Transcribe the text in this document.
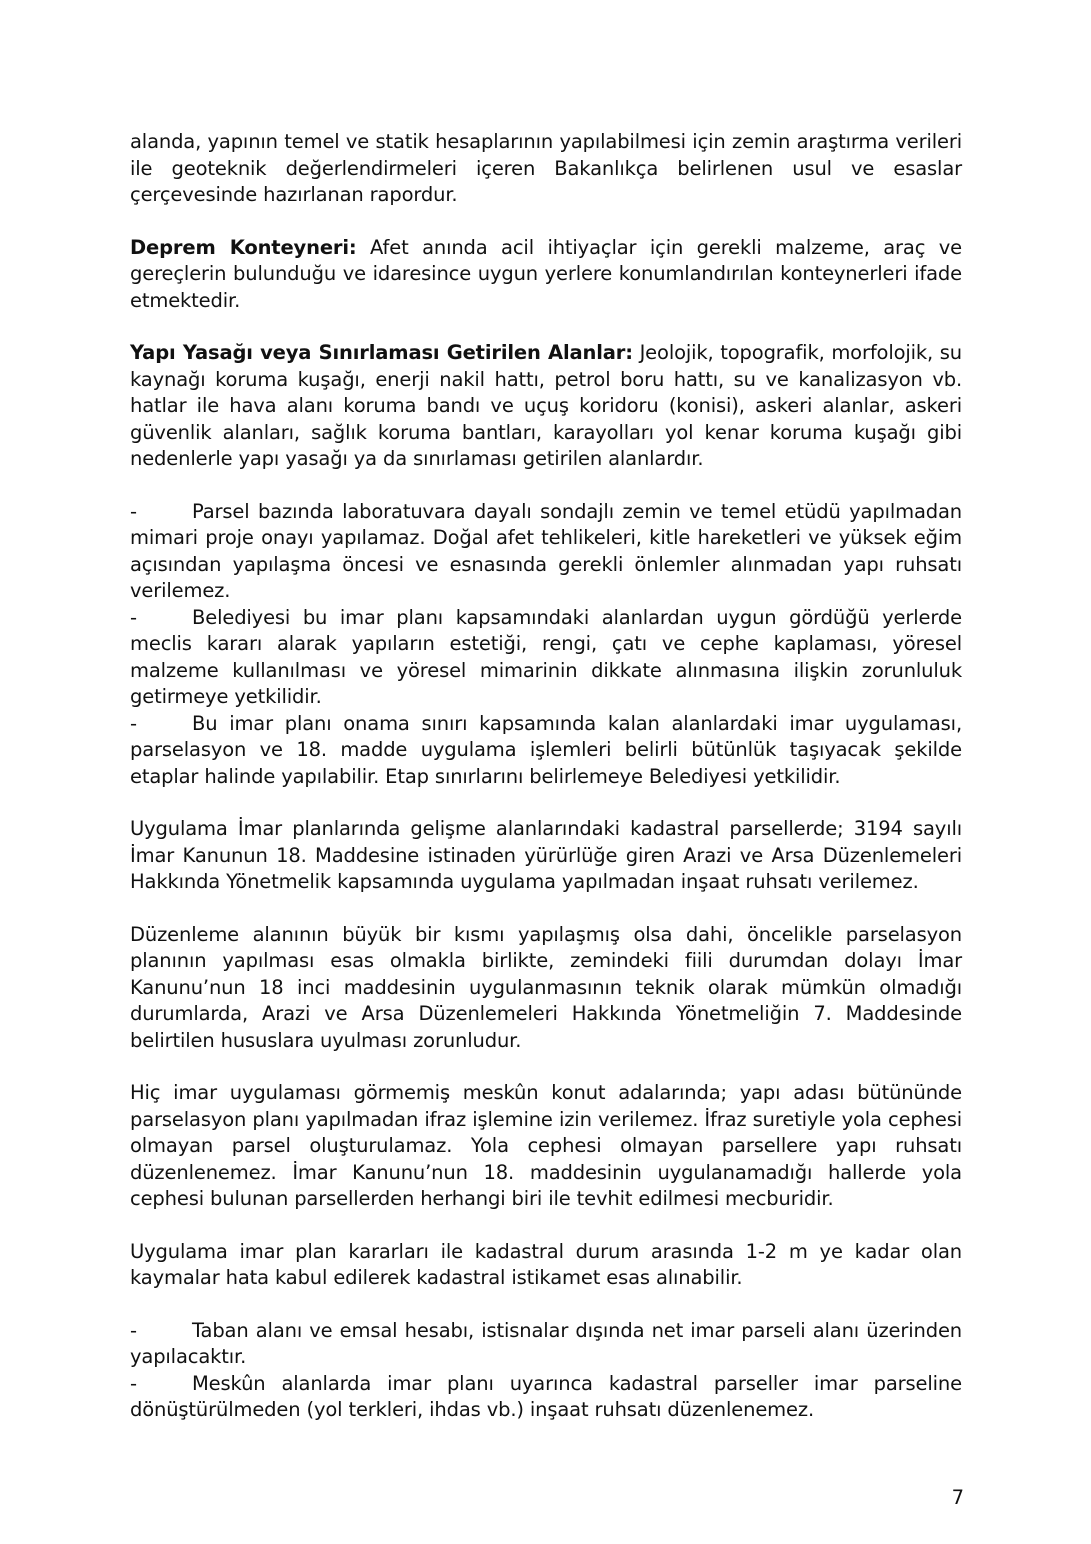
alanda, yapının temel ve statik hesaplarının yapılabilmesi için zemin araştırma verileri ile geoteknik değerlendirmeleri içeren Bakanlıkça belirlenen usul ve esaslar çerçevesinde hazırlanan rapordur.

Deprem Konteyneri: Afet anında acil ihtiyaçlar için gerekli malzeme, araç ve gereçlerin bulunduğu ve idaresince uygun yerlere konumlandırılan konteynerleri ifade etmektedir.

Yapı Yasağı veya Sınırlaması Getirilen Alanlar: Jeolojik, topografik, morfolojik, su kaynağı koruma kuşağı, enerji nakil hattı, petrol boru hattı, su ve kanalizasyon vb. hatlar ile hava alanı koruma bandı ve uçuş koridoru (konisi), askeri alanlar, askeri güvenlik alanları, sağlık koruma bantları, karayolları yol kenar koruma kuşağı gibi nedenlerle yapı yasağı ya da sınırlaması getirilen alanlardır.

-	Parsel bazında laboratuvara dayalı sondajlı zemin ve temel etüdü yapılmadan mimari proje onayı yapılamaz. Doğal afet tehlikeleri, kitle hareketleri ve yüksek eğim açısından yapılaşma öncesi ve esnasında gerekli önlemler alınmadan yapı ruhsatı verilemez.

-	Belediyesi bu imar planı kapsamındaki alanlardan uygun gördüğü yerlerde meclis kararı alarak yapıların estetiği, rengi, çatı ve cephe kaplaması, yöresel malzeme kullanılması ve yöresel mimarinin dikkate alınmasına ilişkin zorunluluk getirmeye yetkilidir.

-	Bu imar planı onama sınırı kapsamında kalan alanlardaki imar uygulaması, parselasyon ve 18. madde uygulama işlemleri belirli bütünlük taşıyacak şekilde etaplar halinde yapılabilir. Etap sınırlarını belirlemeye Belediyesi yetkilidir.

Uygulama İmar planlarında gelişme alanlarındaki kadastral parsellerde; 3194 sayılı İmar Kanunun 18. Maddesine istinaden yürürlüğe giren Arazi ve Arsa Düzenlemeleri Hakkında Yönetmelik kapsamında uygulama yapılmadan inşaat ruhsatı verilemez.

Düzenleme alanının büyük bir kısmı yapılaşmış olsa dahi, öncelikle parselasyon planının yapılması esas olmakla birlikte, zemindeki fiili durumdan dolayı İmar Kanunu’nun 18 inci maddesinin uygulanmasının teknik olarak mümkün olmadığı durumlarda, Arazi ve Arsa Düzenlemeleri Hakkında Yönetmeliğin 7. Maddesinde belirtilen hususlara uyulması zorunludur.

Hiç imar uygulaması görmemiş meskûn konut adalarında; yapı adası bütününde parselasyon planı yapılmadan ifraz işlemine izin verilemez. İfraz suretiyle yola cephesi olmayan parsel oluşturulamaz. Yola cephesi olmayan parsellere yapı ruhsatı düzenlenemez. İmar Kanunu’nun 18. maddesinin uygulanamadığı hallerde yola cephesi bulunan parsellerden herhangi biri ile tevhit edilmesi mecburidir.

Uygulama imar plan kararları ile kadastral durum arasında 1-2 m ye kadar olan kaymalar hata kabul edilerek kadastral istikamet esas alınabilir.

-	Taban alanı ve emsal hesabı, istisnalar dışında net imar parseli alanı üzerinden yapılacaktır.

-	Meskûn alanlarda imar planı uyarınca kadastral parseller imar parseline dönüştürülmeden (yol terkleri, ihdas vb.) inşaat ruhsatı düzenlenemez.

7
